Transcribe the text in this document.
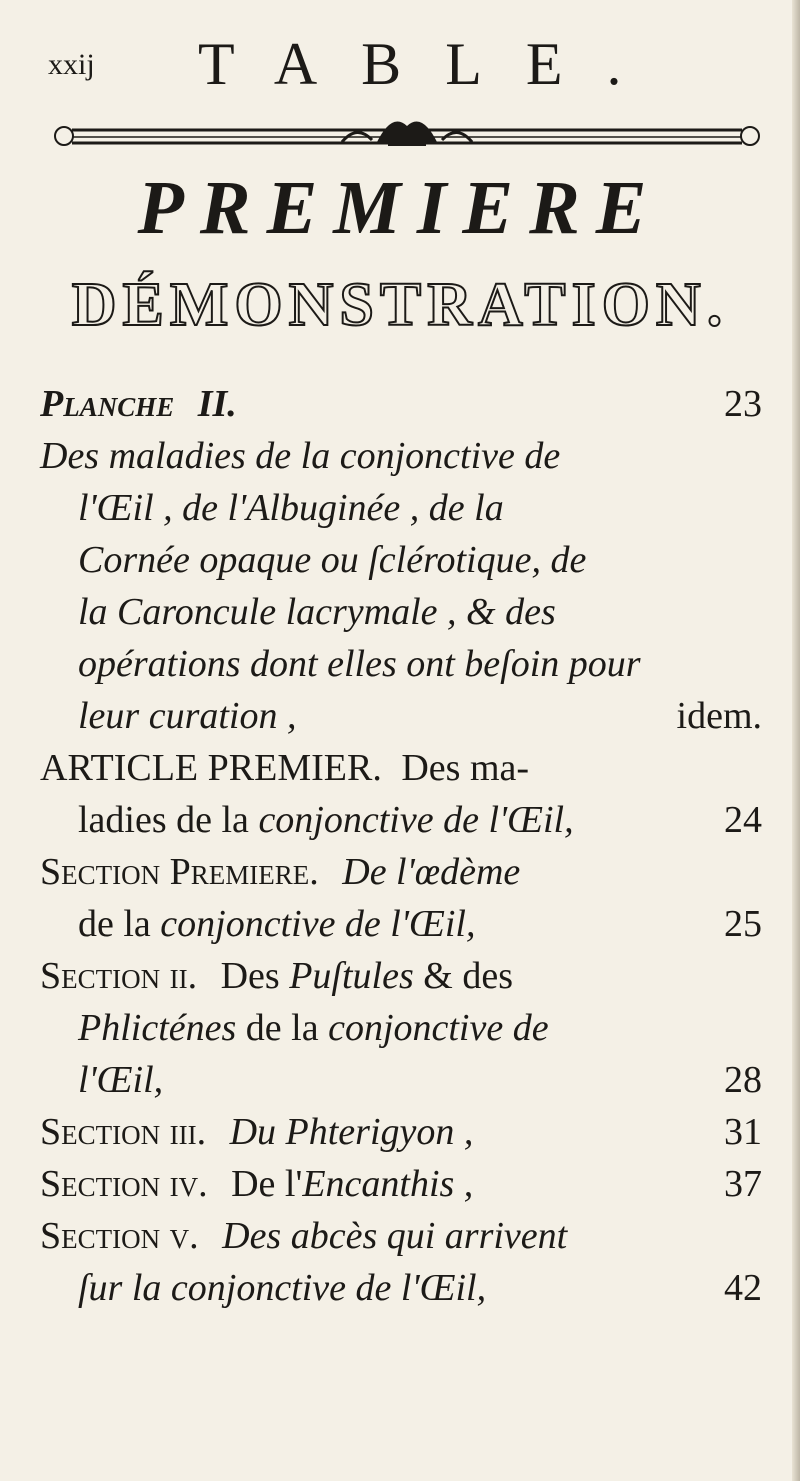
xxij TABLE.
PREMIERE
DÉMONSTRATION.
Planche II.	23
Des maladies de la conjonctive de
l'Œil , de l'Albuginée , de la
Cornée opaque ou ſclérotique, de
la Caroncule lacrymale , & des
opérations dont elles ont beſoin pour
leur curation ,	idem.
ARTICLE PREMIER. Des ma-
ladies de la conjonctive de l'Œil,	24
Section Premiere. De l'œdème
de la conjonctive de l'Œil,	25
Section ii. Des Puſtules & des
Phlicténes de la conjonctive de
l'Œil,	28
Section iii. Du Phterigyon ,	31
Section iv. De l'Encanthis ,	37
Section v. Des abcès qui arrivent
ſur la conjonctive de l'Œil,	42
